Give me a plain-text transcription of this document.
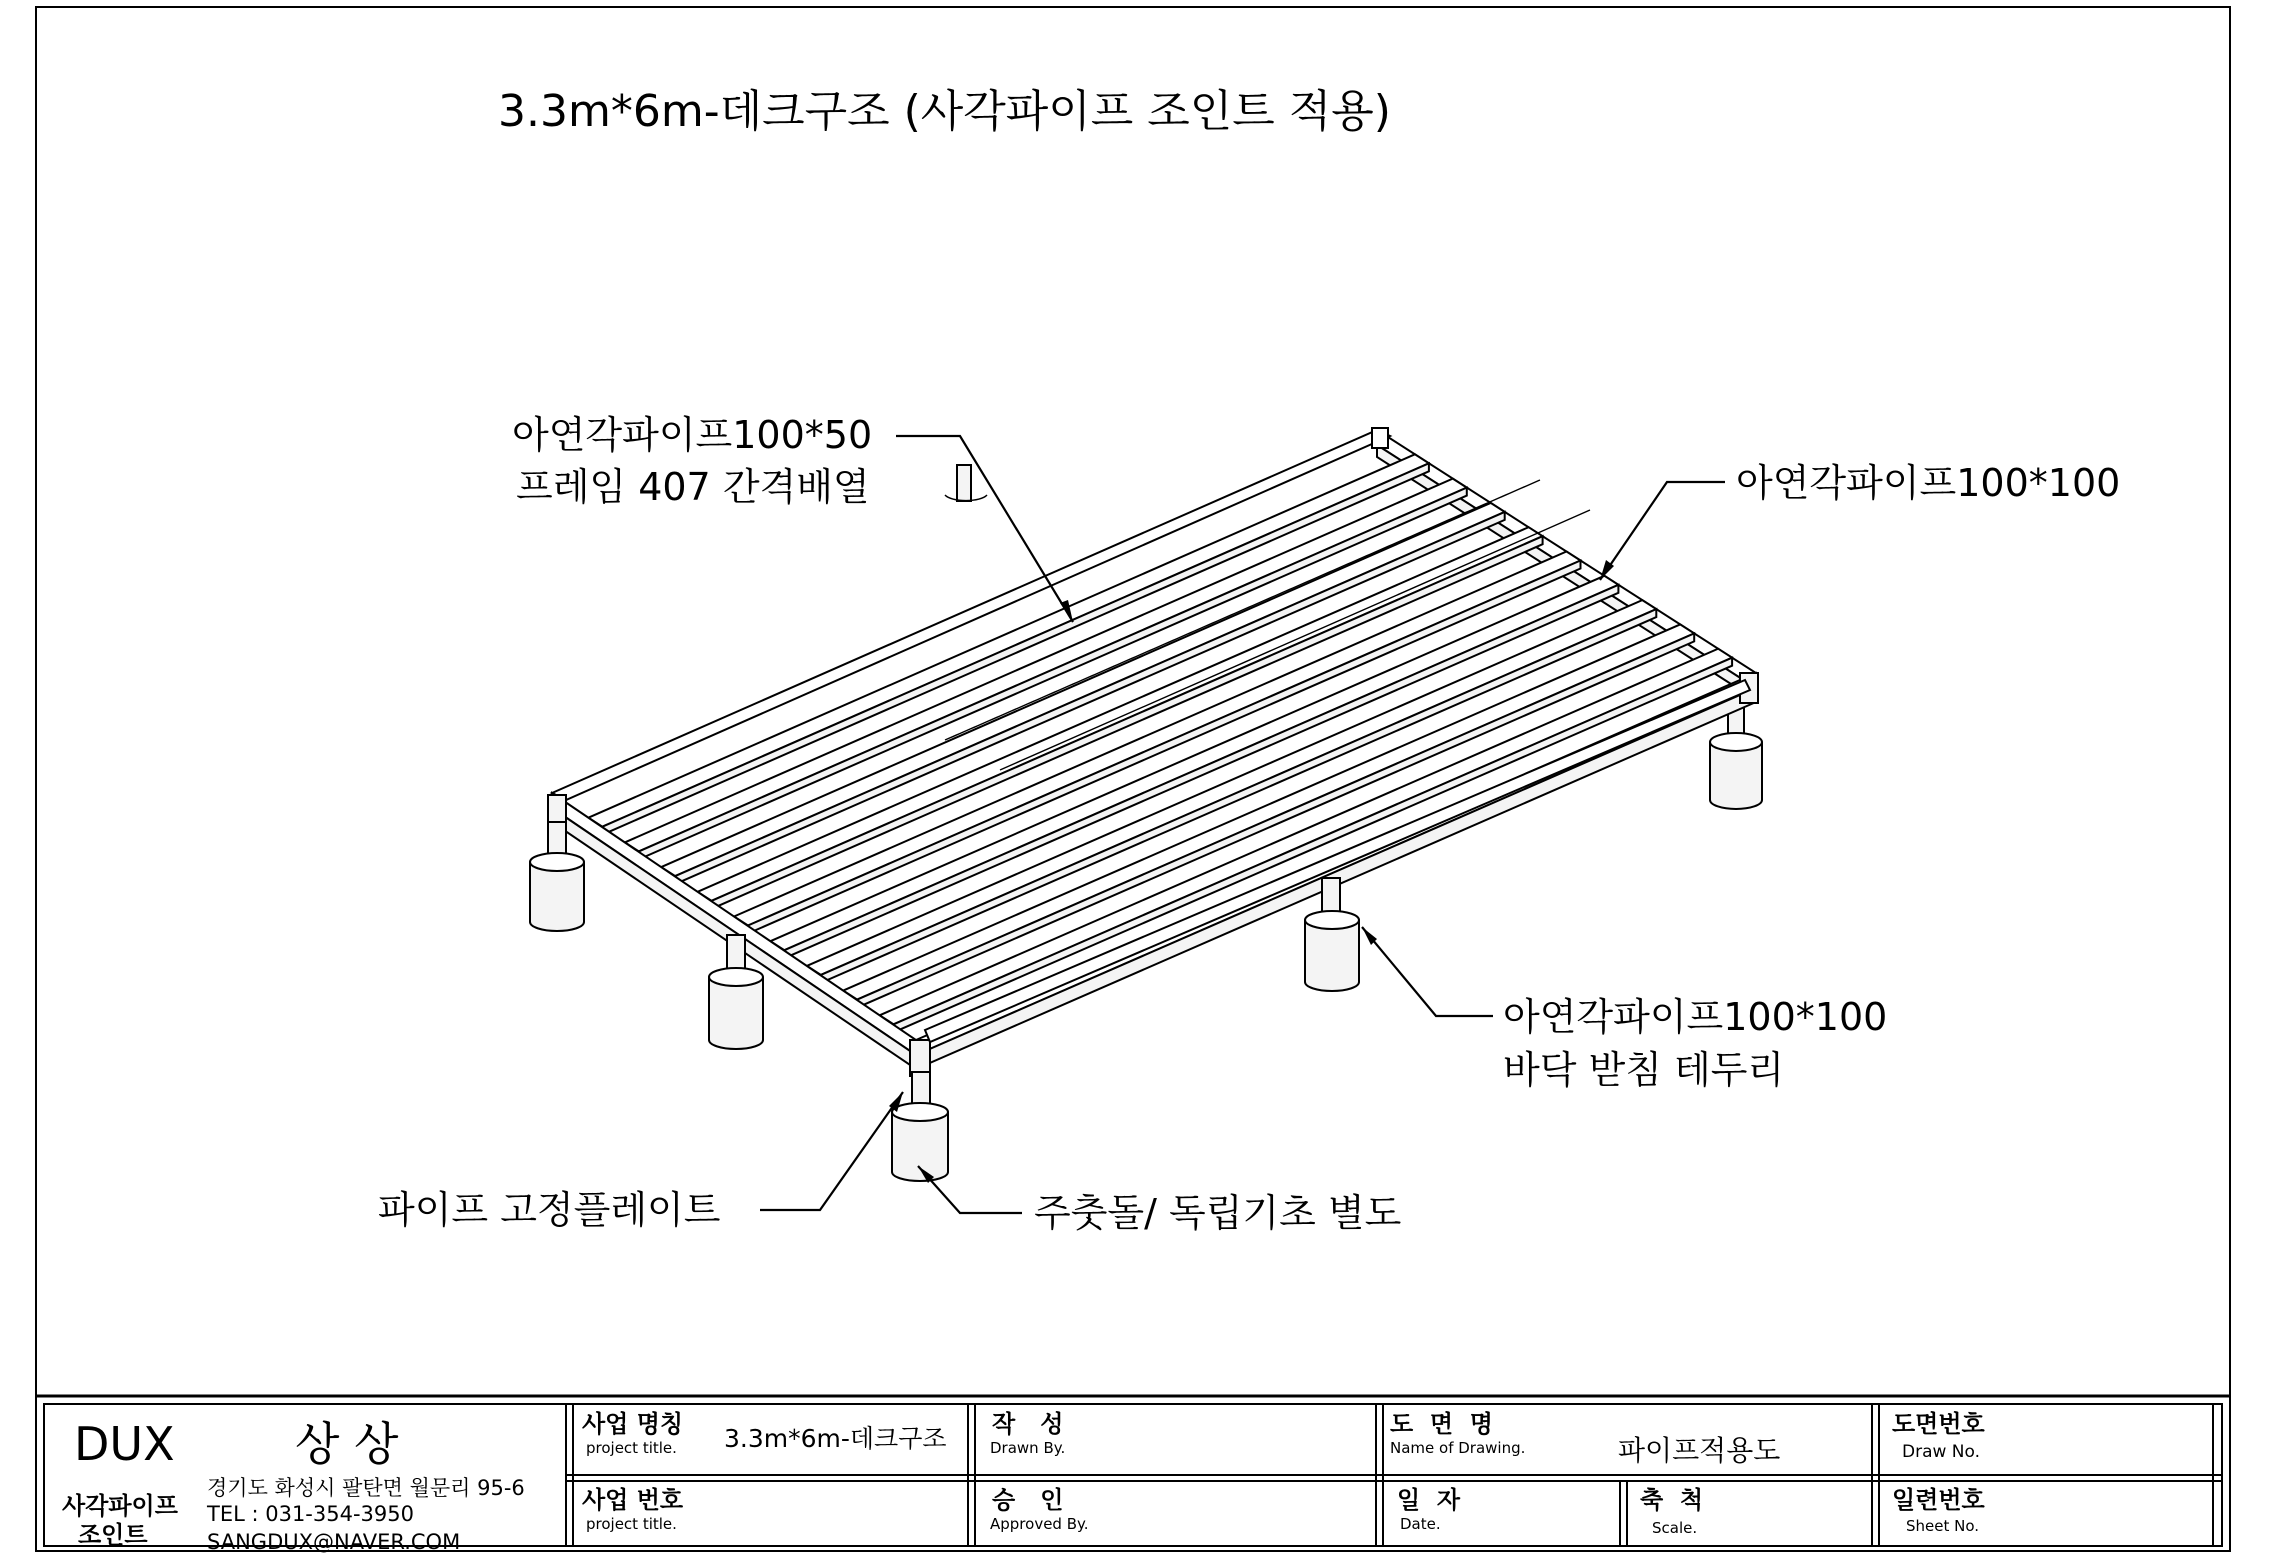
3.3m*6m-데크구조 (사각파이프 조인트 적용)
아연각파이프100*50
프레임 407 간격배열	아연각파이프100*100
아연각파이프100*100
바닥 받침 테두리
파이프 고정플레이트	주춧돌/ 독립기초 별도
DUX	상 상
사각파이프
조인트
경기도 화성시 팔탄면 월문리 95-6
TEL : 031-354-3950
SANGDUX@NAVER.COM
사업 명칭
project title. 3.3m*6m-데크구조
사업 번호
project title.
작   성
Drawn By.
승   인
Approved By.
도  면  명
Name of Drawing.	파이프적용도
일  자
Date.
축  척
Scale.
도면번호
Draw No.
일련번호
Sheet No.
